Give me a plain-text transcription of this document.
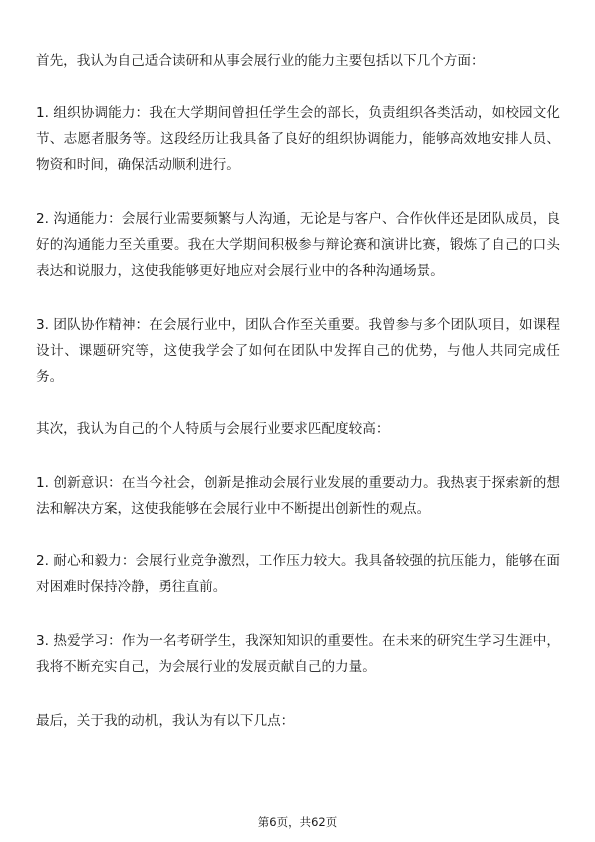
首先，我认为自己适合读研和从事会展行业的能力主要包括以下几个方面：

1. 组织协调能力：我在大学期间曾担任学生会的部长，负责组织各类活动，如校园文化节、志愿者服务等。这段经历让我具备了良好的组织协调能力，能够高效地安排人员、物资和时间，确保活动顺利进行。

2. 沟通能力：会展行业需要频繁与人沟通，无论是与客户、合作伙伴还是团队成员，良好的沟通能力至关重要。我在大学期间积极参与辩论赛和演讲比赛，锻炼了自己的口头表达和说服力，这使我能够更好地应对会展行业中的各种沟通场景。

3. 团队协作精神：在会展行业中，团队合作至关重要。我曾参与多个团队项目，如课程设计、课题研究等，这使我学会了如何在团队中发挥自己的优势，与他人共同完成任务。

其次，我认为自己的个人特质与会展行业要求匹配度较高：

1. 创新意识：在当今社会，创新是推动会展行业发展的重要动力。我热衷于探索新的想法和解决方案，这使我能够在会展行业中不断提出创新性的观点。

2. 耐心和毅力：会展行业竞争激烈，工作压力较大。我具备较强的抗压能力，能够在面对困难时保持冷静，勇往直前。

3. 热爱学习：作为一名考研学生，我深知知识的重要性。在未来的研究生学习生涯中，我将不断充实自己，为会展行业的发展贡献自己的力量。

最后，关于我的动机，我认为有以下几点：

第6页，共62页
